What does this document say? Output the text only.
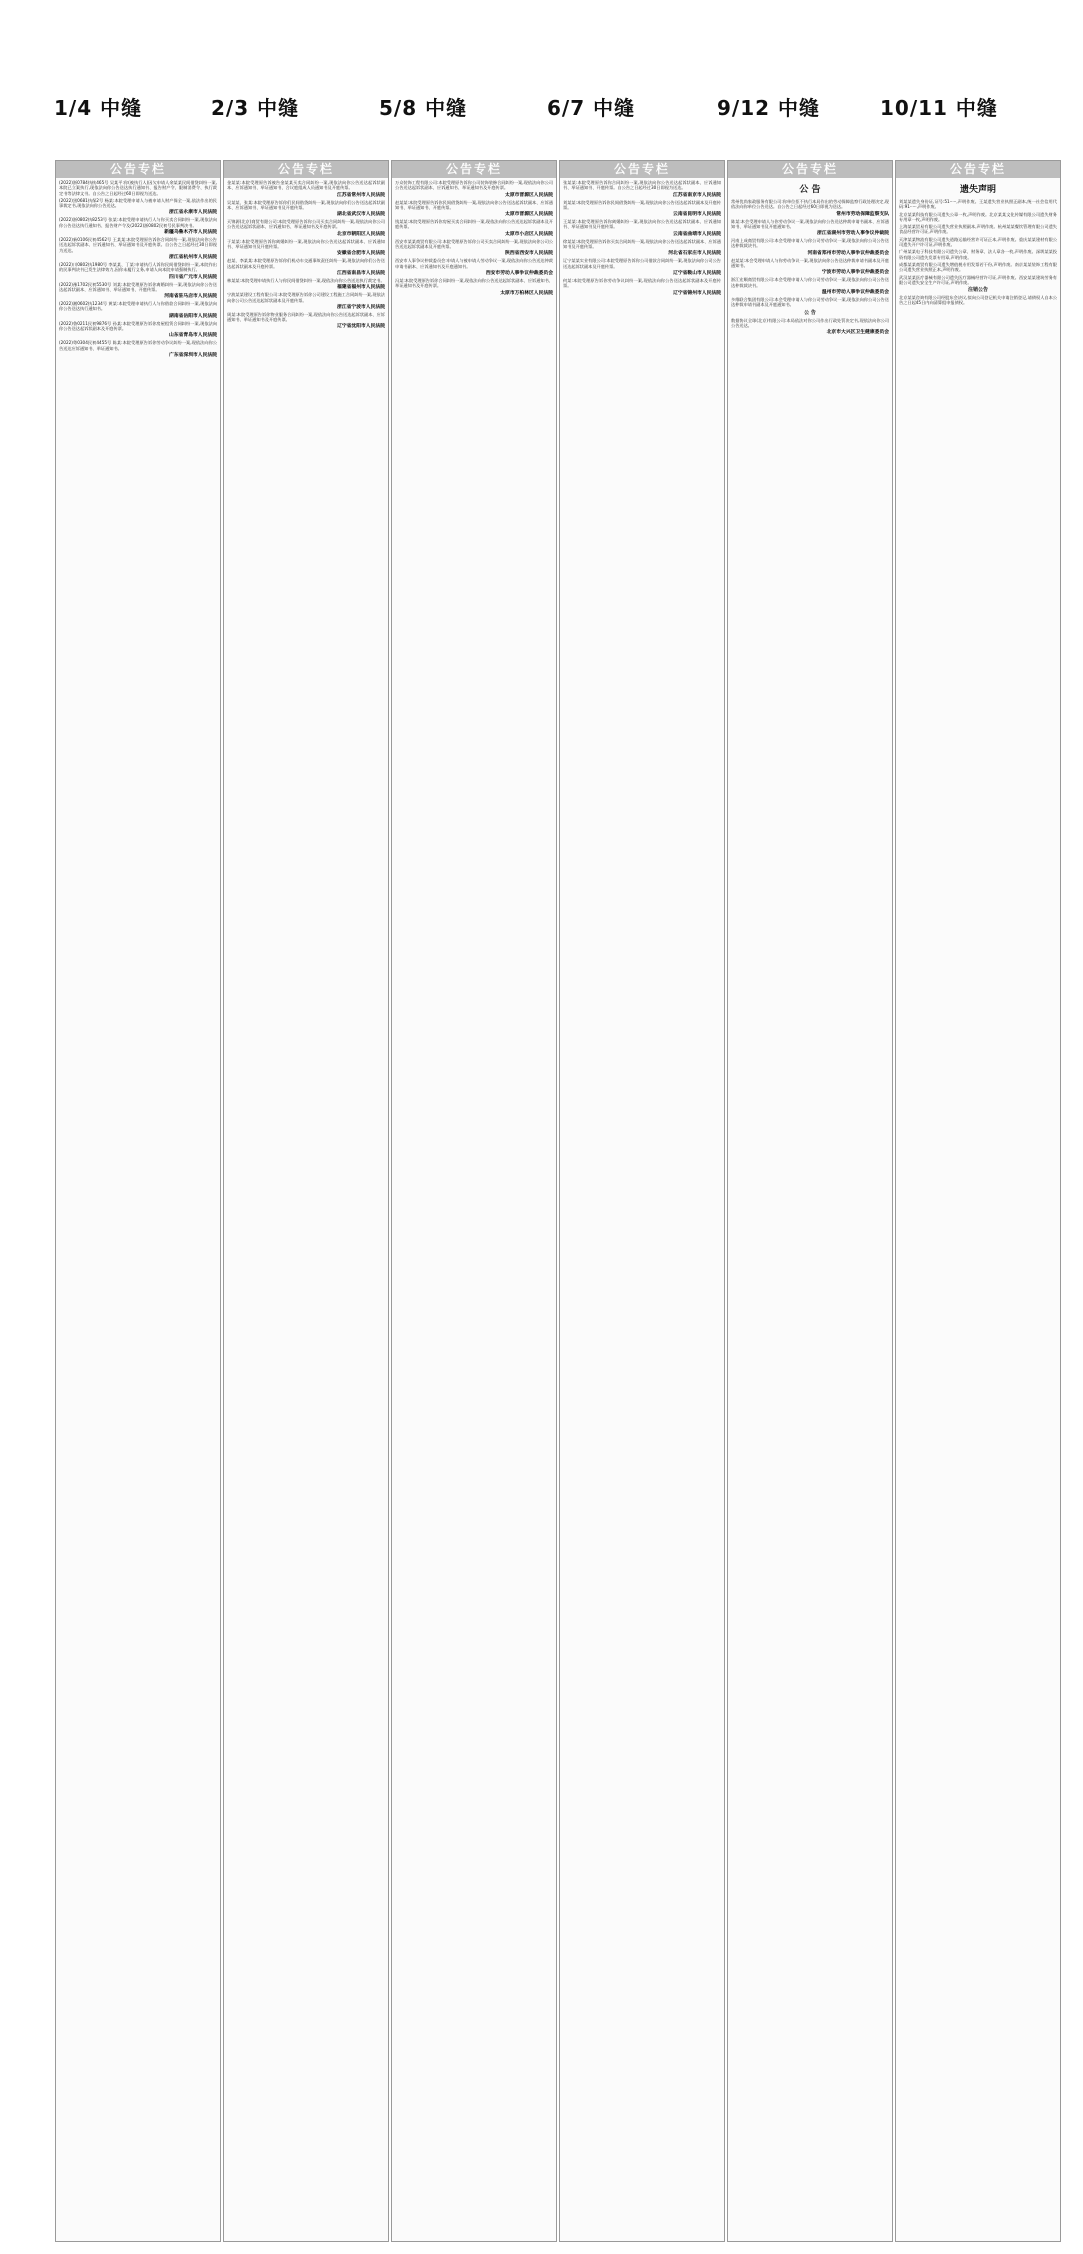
1/4 中缝	2/3 中缝	5/8 中缝	6/7 中缝	9/12 中缝	10/11 中缝
公告专栏
(2022)浙0784执恢465号 吴某平:你(被执行人)因欠申请人余某某民间借贷纠纷一案,本院已立案执行,现依法向你公告送达执行通知书、报告财产令、限制消费令、执行裁定书等法律文书。自公告之日起经过60日即视为送达。
(2022)黑0681执保2号 杨某:本院受理申请人与被申请人财产保全一案,依法作出的民事裁定书,现依法向你公告送达。
浙江省永康市人民法院
(2022)浙0802执8253号 张某:本院受理申请执行人与你买卖合同纠纷一案,现依法向你公告送达执行通知书、报告财产令及(2022)浙0802民初号民事判决书。
新疆乌鲁木齐市人民法院
(2022)新0106民初4562号 王某某:本院受理原告诉你合同纠纷一案,现依法向你公告送达起诉状副本、应诉通知书、举证通知书及开庭传票。自公告之日起经过30日即视为送达。
浙江省杭州市人民法院
(2022)川0802执1980号 李某某、丁某:申请执行人诉你民间借贷纠纷一案,本院作出的民事判决书已发生法律效力,因你未履行义务,申请人向本院申请强制执行。
四川省广元市人民法院
(2022)豫1702民初5530号 刘某:本院受理原告诉你离婚纠纷一案,现依法向你公告送达起诉状副本、应诉通知书、举证通知书、开庭传票。
河南省驻马店市人民法院
(2022)湘0602执1234号 黄某:本院受理申请执行人与你借款合同纠纷一案,现依法向你公告送达执行通知书。
湖南省岳阳市人民法院
(2022)鲁0211民初9876号 孙某:本院受理原告诉你房屋租赁合同纠纷一案,现依法向你公告送达起诉状副本及开庭传票。
山东省青岛市人民法院
(2022)粤0304民初4455号 陈某:本院受理原告诉你劳动争议纠纷一案,现依法向你公告送达应诉通知书、举证通知书。
广东省深圳市人民法院
公告专栏
金某某:本院受理原告诉被告金某某买卖合同纠纷一案,现依法向你公告送达起诉状副本、应诉通知书、举证通知书、合议庭组成人员通知书及开庭传票。
江苏省常州市人民法院
吴某某、张某:本院受理原告诉你们民间借贷纠纷一案,现依法向你们公告送达起诉状副本、应诉通知书、举证通知书及开庭传票。
湖北省武汉市人民法院
天锦源(北京)商贸有限公司:本院受理原告诉你公司买卖合同纠纷一案,现依法向你公司公告送达起诉状副本、应诉通知书、举证通知书及开庭传票。
北京市朝阳区人民法院
于某某:本院受理原告诉你离婚纠纷一案,现依法向你公告送达起诉状副本、应诉通知书、举证通知书及开庭传票。
安徽省合肥市人民法院
赵某、李某某:本院受理原告诉你们机动车交通事故责任纠纷一案,现依法向你们公告送达起诉状副本及开庭传票。
江西省南昌市人民法院
林某某:本院受理申请执行人与你民间借贷纠纷一案,现依法向你公告送达执行裁定书。
福建省福州市人民法院
宁波某某建设工程有限公司:本院受理原告诉你公司建设工程施工合同纠纷一案,现依法向你公司公告送达起诉状副本及开庭传票。
浙江省宁波市人民法院
周某:本院受理原告诉你物业服务合同纠纷一案,现依法向你公告送达起诉状副本、应诉通知书、举证通知书及开庭传票。
辽宁省沈阳市人民法院
公告专栏
万众装饰工程有限公司:本院受理原告诉你公司装饰装修合同纠纷一案,现依法向你公司公告送达起诉状副本、应诉通知书、举证通知书及开庭传票。
太原市晋源区人民法院
赵某某:本院受理原告诉你民间借贷纠纷一案,现依法向你公告送达起诉状副本、应诉通知书、举证通知书、开庭传票。
太原市晋源区人民法院
钱某某:本院受理原告诉你房屋买卖合同纠纷一案,现依法向你公告送达起诉状副本及开庭传票。
太原市小店区人民法院
西安市某某商贸有限公司:本院受理原告诉你公司买卖合同纠纷一案,现依法向你公司公告送达起诉状副本及开庭传票。
陕西省西安市人民法院
西安市人事争议仲裁委员会:申请人与被申请人劳动争议一案,现依法向你公告送达仲裁申请书副本、应诉通知书及开庭通知书。
西安市劳动人事争议仲裁委员会
冯某:本院受理原告诉你合同纠纷一案,现依法向你公告送达起诉状副本、应诉通知书、举证通知书及开庭传票。
太原市万柏林区人民法院
公告专栏
张某某:本院受理原告诉你合同纠纷一案,现依法向你公告送达起诉状副本、应诉通知书、举证通知书、开庭传票。自公告之日起经过30日即视为送达。
江苏省南京市人民法院
刘某某:本院受理原告诉你民间借贷纠纷一案,现依法向你公告送达起诉状副本及开庭传票。
云南省昆明市人民法院
王某某:本院受理原告诉你离婚纠纷一案,现依法向你公告送达起诉状副本、应诉通知书、举证通知书及开庭传票。
云南省曲靖市人民法院
徐某某:本院受理原告诉你买卖合同纠纷一案,现依法向你公告送达起诉状副本、应诉通知书及开庭传票。
河北省石家庄市人民法院
辽宁某某实业有限公司:本院受理原告诉你公司借款合同纠纷一案,现依法向你公司公告送达起诉状副本及开庭传票。
辽宁省鞍山市人民法院
何某:本院受理原告诉你劳动争议纠纷一案,现依法向你公告送达起诉状副本及开庭传票。
辽宁省锦州市人民法院
公告专栏
公 告
常州优尚家政服务有限公司:你单位拒不执行本局作出的劳动保障监察行政处理决定,现依法向你单位公告送达。自公告之日起经过60日即视为送达。
常州市劳动保障监察支队
陈某:本会受理申请人与你劳动争议一案,现依法向你公告送达仲裁申请书副本、应诉通知书、举证通知书及开庭通知书。
浙江省湖州市劳动人事争议仲裁院
河南上成商贸有限公司:本会受理申请人与你公司劳动争议一案,现依法向你公司公告送达仲裁裁决书。
河南省郑州市劳动人事争议仲裁委员会
赵某某:本会受理申请人与你劳动争议一案,现依法向你公告送达仲裁申请书副本及开庭通知书。
宁波市劳动人事争议仲裁委员会
浙江宏顺商贸有限公司:本会受理申请人与你公司劳动争议一案,现依法向你公司公告送达仲裁裁决书。
温州市劳动人事争议仲裁委员会
多维联合集团有限公司:本会受理申请人与你公司劳动争议一案,现依法向你公司公告送达仲裁申请书副本及开庭通知书。
公 告
数据协议全球(北京)有限公司:本局依法对你公司作出行政处罚决定书,现依法向你公司公告送达。
北京市大兴区卫生健康委员会
公告专栏
遗失声明
刘某某遗失身份证,证号:51·····,声明作废。王某遗失营业执照正副本,统一社会信用代码:91·····,声明作废。
北京某某科技有限公司遗失公章一枚,声明作废。北京某某文化传媒有限公司遗失财务专用章一枚,声明作废。
上海某某贸易有限公司遗失营业执照副本,声明作废。杭州某某餐饮管理有限公司遗失食品经营许可证,声明作废。
天津某某物流有限公司遗失道路运输经营许可证正本,声明作废。重庆某某建材有限公司遗失开户许可证,声明作废。
广州某某电子科技有限公司遗失公章、财务章、法人章各一枚,声明作废。深圳某某投资有限公司遗失发票专用章,声明作废。
成都某某商贸有限公司遗失增值税专用发票若干份,声明作废。南京某某装饰工程有限公司遗失营业执照正本,声明作废。
武汉某某医疗器械有限公司遗失医疗器械经营许可证,声明作废。西安某某建筑劳务有限公司遗失安全生产许可证,声明作废。
注销公告
北京某某咨询有限公司经股东会决议,拟向公司登记机关申请注销登记,请债权人自本公告之日起45日内向清算组申报债权。
